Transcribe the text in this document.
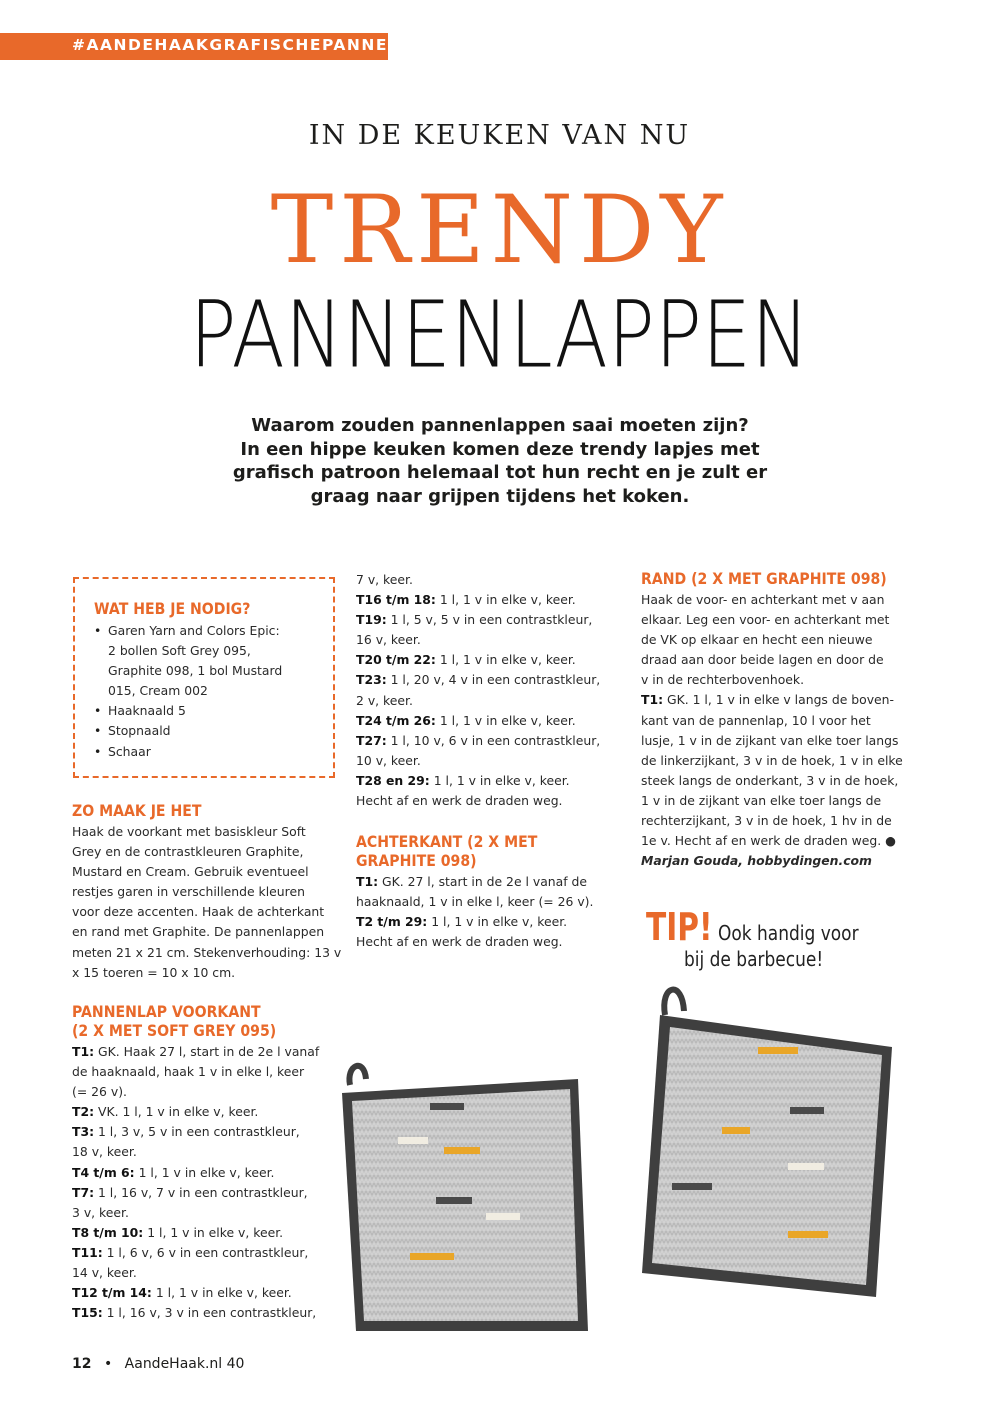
#AANDEHAAKGRAFISCHEPANNENLAP
IN DE KEUKEN VAN NU
TRENDY
PANNENLAPPEN
Waarom zouden pannenlappen saai moeten zijn?
In een hippe keuken komen deze trendy lapjes met
grafisch patroon helemaal tot hun recht en je zult er
graag naar grijpen tijdens het koken.
WAT HEB JE NODIG?
• Garen Yarn and Colors Epic:
2 bollen Soft Grey 095,
Graphite 098, 1 bol Mustard
015, Cream 002
• Haaknaald 5
• Stopnaald
• Schaar
ZO MAAK JE HET
Haak de voorkant met basiskleur Soft
Grey en de contrastkleuren Graphite,
Mustard en Cream. Gebruik eventueel
restjes garen in verschillende kleuren
voor deze accenten. Haak de achterkant
en rand met Graphite. De pannenlappen
meten 21 x 21 cm. Stekenverhouding: 13 v
x 15 toeren = 10 x 10 cm.
PANNENLAP VOORKANT
(2 X MET SOFT GREY 095)
T1: GK. Haak 27 l, start in de 2e l vanaf
de haaknaald, haak 1 v in elke l, keer
(= 26 v).
T2: VK. 1 l, 1 v in elke v, keer.
T3: 1 l, 3 v, 5 v in een contrastkleur,
18 v, keer.
T4 t/m 6: 1 l, 1 v in elke v, keer.
T7: 1 l, 16 v, 7 v in een contrastkleur,
3 v, keer.
T8 t/m 10: 1 l, 1 v in elke v, keer.
T11: 1 l, 6 v, 6 v in een contrastkleur,
14 v, keer.
T12 t/m 14: 1 l, 1 v in elke v, keer.
T15: 1 l, 16 v, 3 v in een contrastkleur,
7 v, keer.
T16 t/m 18: 1 l, 1 v in elke v, keer.
T19: 1 l, 5 v, 5 v in een contrastkleur,
16 v, keer.
T20 t/m 22: 1 l, 1 v in elke v, keer.
T23: 1 l, 20 v, 4 v in een contrastkleur,
2 v, keer.
T24 t/m 26: 1 l, 1 v in elke v, keer.
T27: 1 l, 10 v, 6 v in een contrastkleur,
10 v, keer.
T28 en 29: 1 l, 1 v in elke v, keer.
Hecht af en werk de draden weg.
ACHTERKANT (2 X MET
GRAPHITE 098)
T1: GK. 27 l, start in de 2e l vanaf de
haaknaald, 1 v in elke l, keer (= 26 v).
T2 t/m 29: 1 l, 1 v in elke v, keer.
Hecht af en werk de draden weg.
RAND (2 X MET GRAPHITE 098)
Haak de voor- en achterkant met v aan
elkaar. Leg een voor- en achterkant met
de VK op elkaar en hecht een nieuwe
draad aan door beide lagen en door de
v in de rechterbovenhoek.
T1: GK. 1 l, 1 v in elke v langs de boven-
kant van de pannenlap, 10 l voor het
lusje, 1 v in de zijkant van elke toer langs
de linkerzijkant, 3 v in de hoek, 1 v in elke
steek langs de onderkant, 3 v in de hoek,
1 v in de zijkant van elke toer langs de
rechterzijkant, 3 v in de hoek, 1 hv in de
1e v. Hecht af en werk de draden weg. ●
Marjan Gouda, hobbydingen.com
TIP! Ook handig voor
bij de barbecue!
12 • AandeHaak.nl 40
